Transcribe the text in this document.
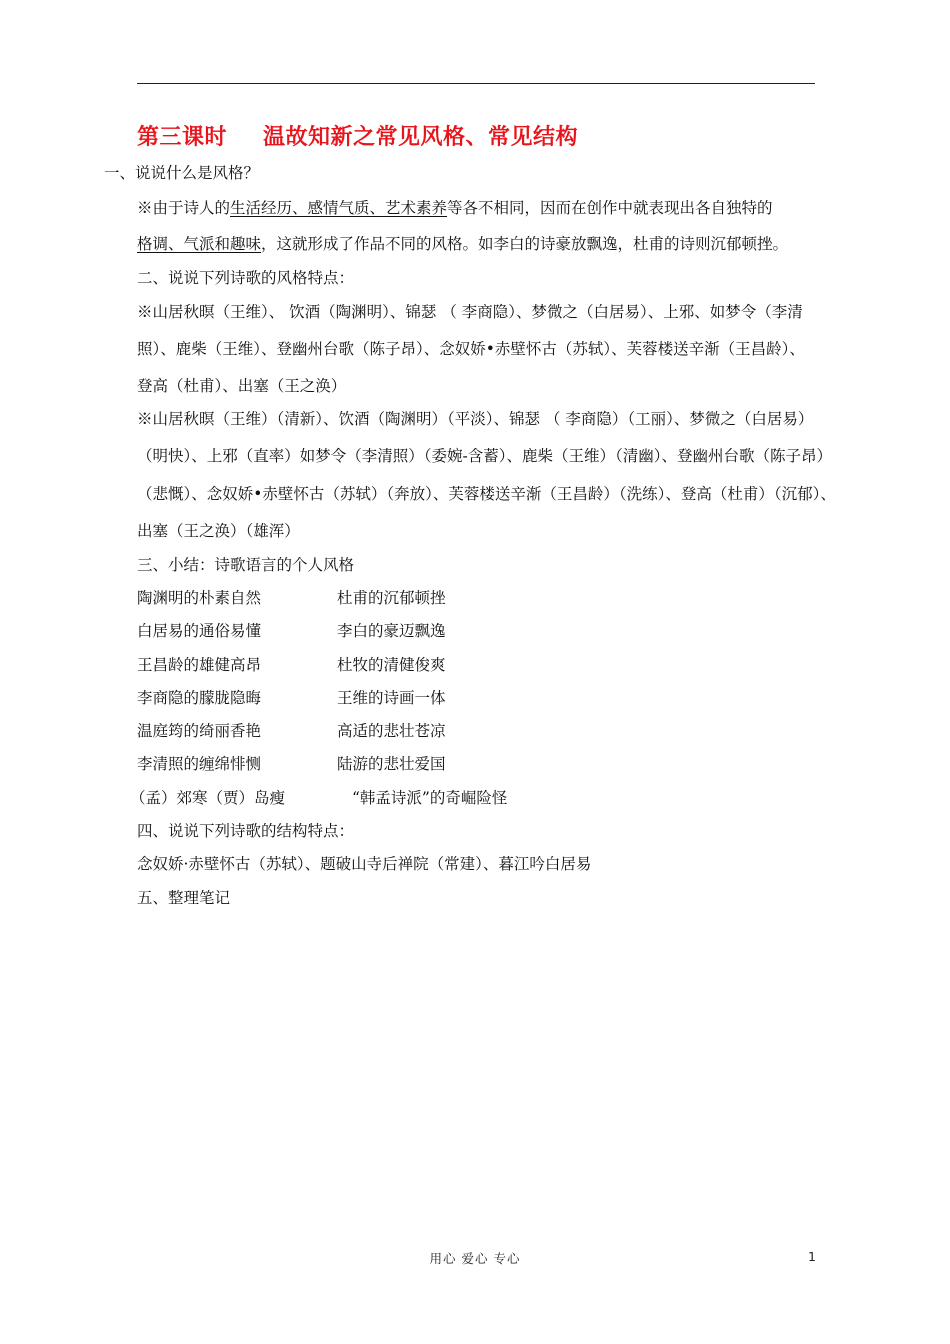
第三课时 温故知新之常见风格、常见结构
一、说说什么是风格？
※由于诗人的生活经历、感情气质、艺术素养等各不相同，因而在创作中就表现出各自独特的
格调、气派和趣味，这就形成了作品不同的风格。如李白的诗豪放飘逸，杜甫的诗则沉郁顿挫。
二、说说下列诗歌的风格特点：
※山居秋暝（王维）、 饮酒（陶渊明）、锦瑟 （ 李商隐）、梦微之（白居易）、上邪、如梦令（李清
照）、鹿柴（王维）、登幽州台歌（陈子昂）、念奴娇•赤壁怀古（苏轼）、芙蓉楼送辛渐（王昌龄）、
登高（杜甫）、出塞（王之涣）
※山居秋暝（王维）（清新）、饮酒（陶渊明）（平淡）、锦瑟 （ 李商隐）（工丽）、梦微之（白居易）
（明快）、上邪（直率）如梦令（李清照）（委婉-含蓄）、鹿柴（王维）（清幽）、登幽州台歌（陈子昂）
（悲慨）、念奴娇•赤壁怀古（苏轼）（奔放）、芙蓉楼送辛渐（王昌龄）（洗练）、登高（杜甫）（沉郁）、
出塞（王之涣）（雄浑）
三、小结：诗歌语言的个人风格
陶渊明的朴素自然	杜甫的沉郁顿挫
白居易的通俗易懂	李白的豪迈飘逸
王昌龄的雄健高昂	杜牧的清健俊爽
李商隐的朦胧隐晦	王维的诗画一体
温庭筠的绮丽香艳	高适的悲壮苍凉
李清照的缠绵悱恻	陆游的悲壮爱国
（孟）郊寒（贾）岛瘦	“韩孟诗派”的奇崛险怪
四、说说下列诗歌的结构特点：
念奴娇·赤壁怀古（苏轼）、题破山寺后禅院（常建）、暮江吟白居易
五、整理笔记
用心 爱心 专心	1
